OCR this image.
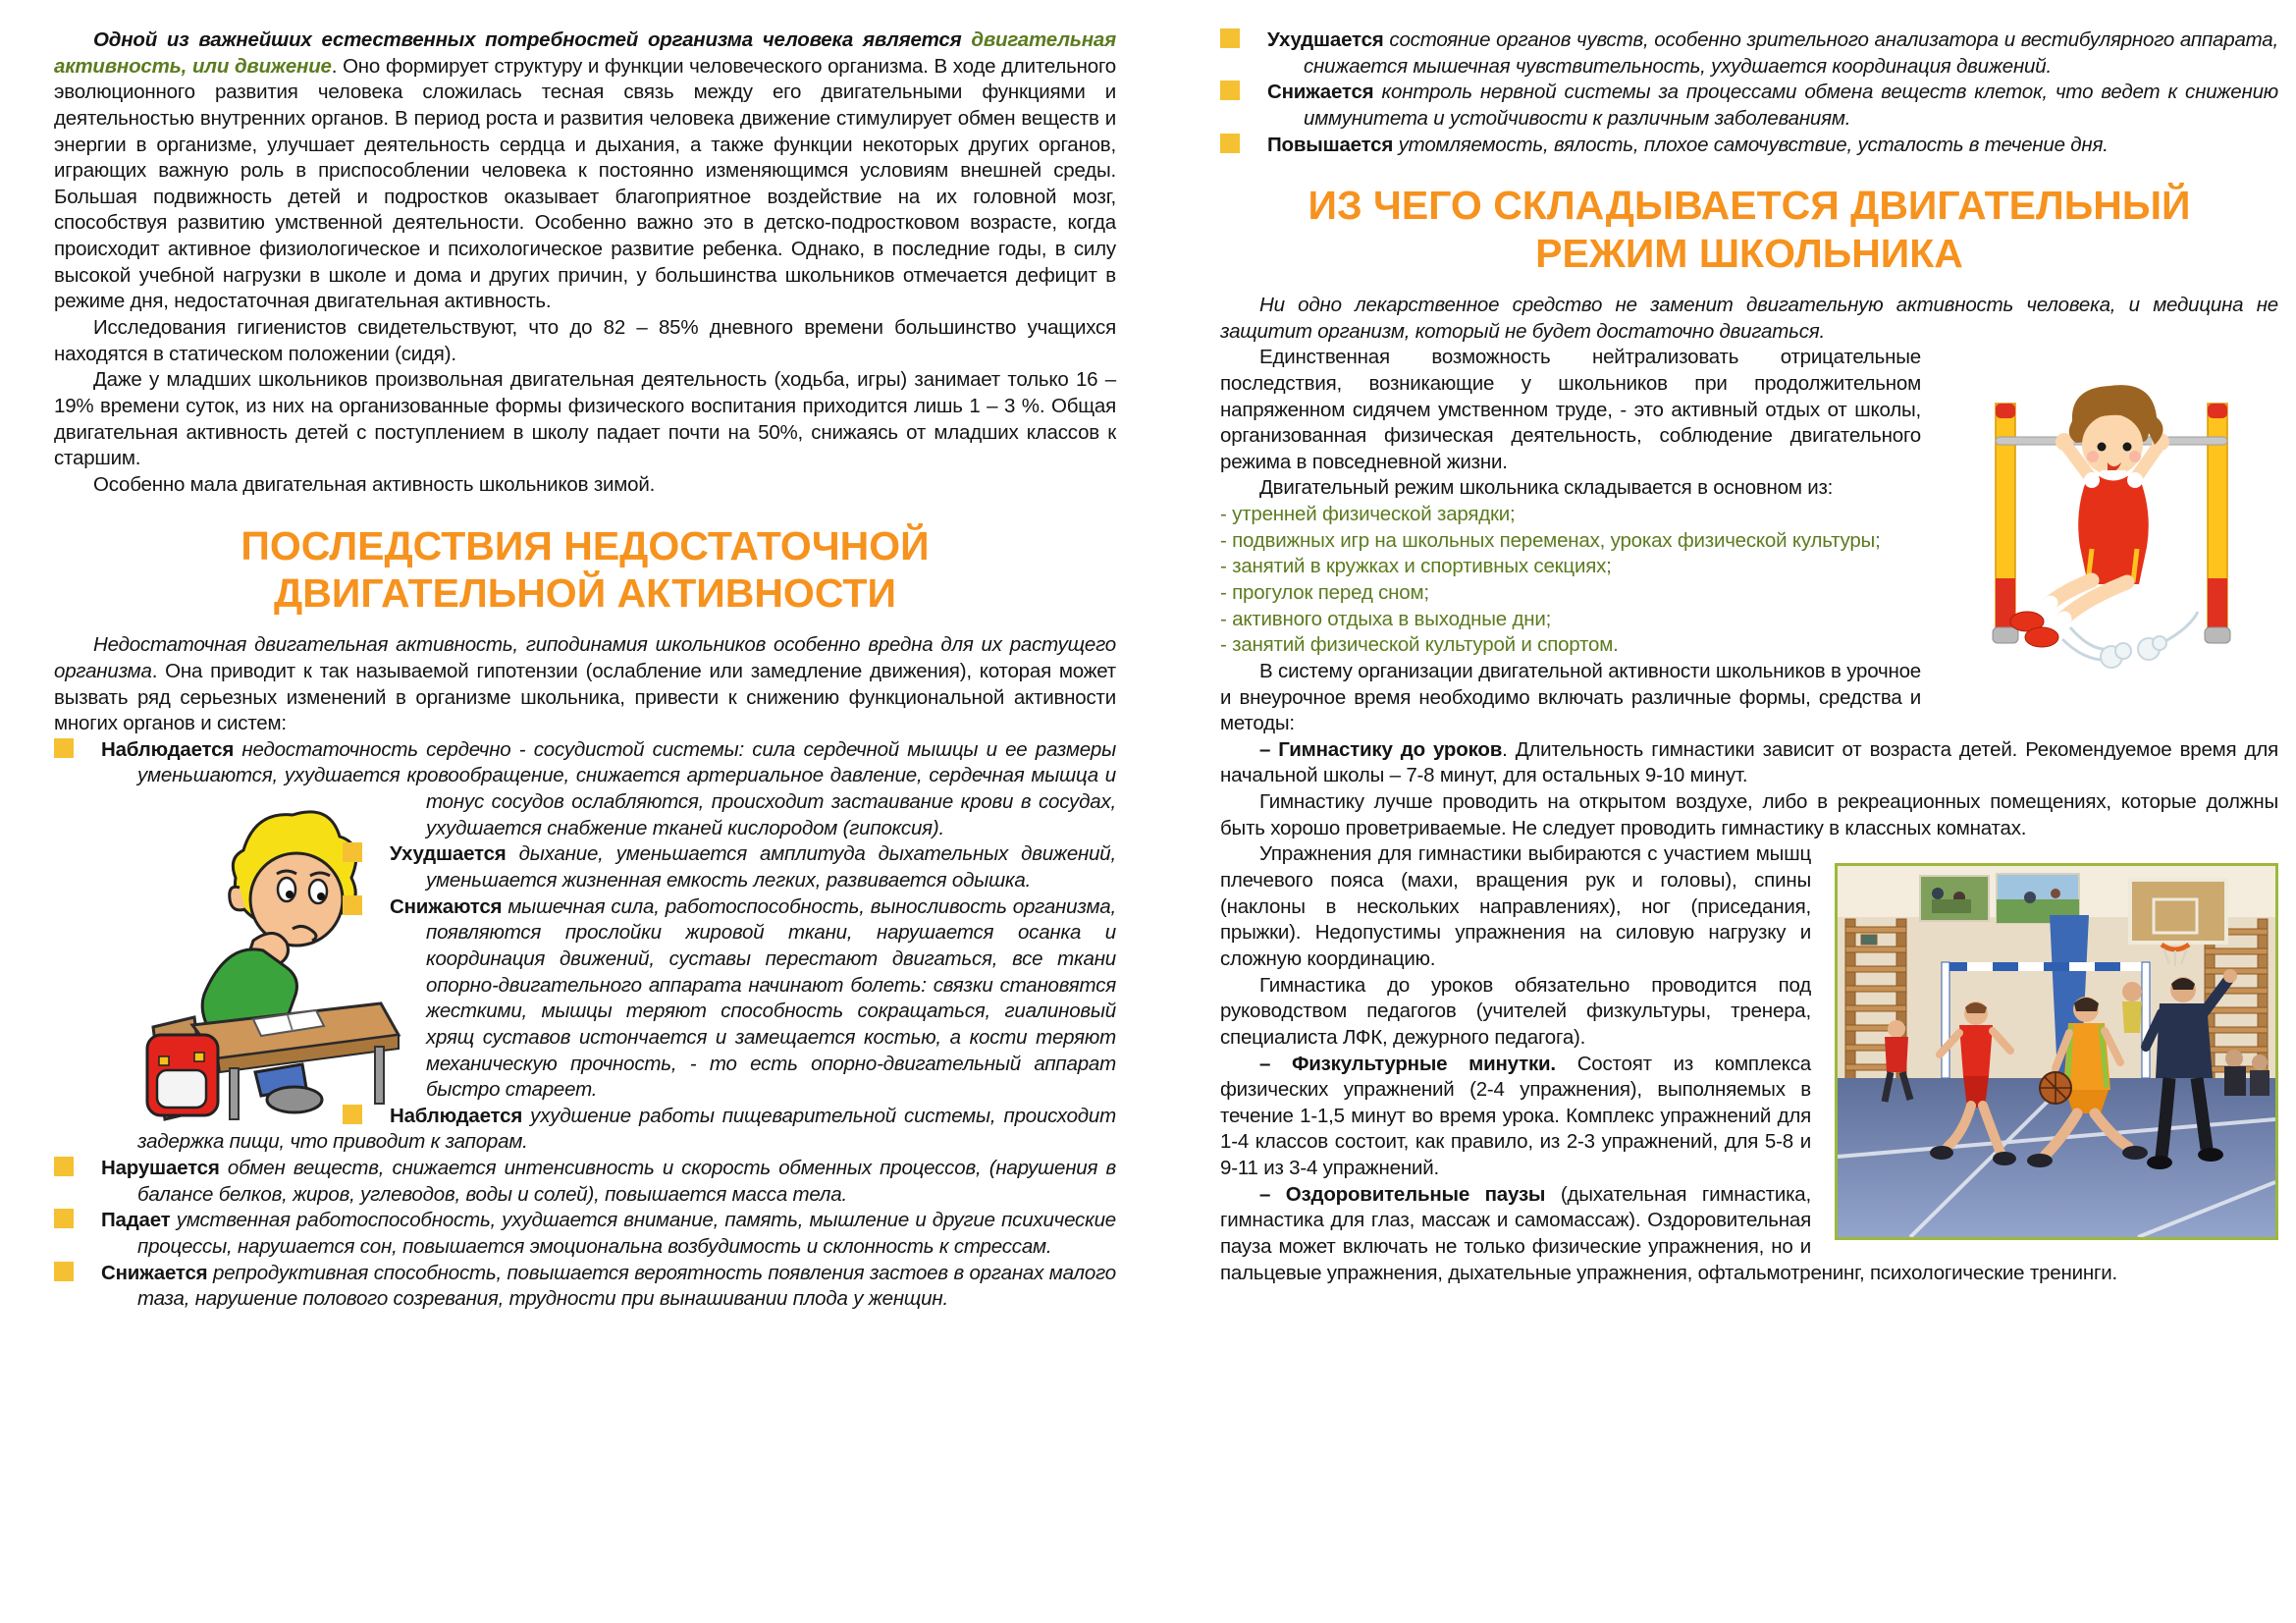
Одной из важнейших естественных потребностей организма человека является двигательная активность, или движение. Оно формирует структуру и функции человеческого организма. В ходе длительного эволюционного развития человека сложилась тесная связь между его двигательными функциями и деятельностью внутренних органов. В период роста и развития человека движение стимулирует обмен веществ и энергии в организме, улучшает деятельность сердца и дыхания, а также функции некоторых других органов, играющих важную роль в приспособлении человека к постоянно изменяющимся условиям внешней среды. Большая подвижность детей и подростков оказывает благоприятное воздействие на их головной мозг, способствуя развитию умственной деятельности. Особенно важно это в детско-подростковом возрасте, когда происходит активное физиологическое и психологическое развитие ребенка. Однако, в последние годы, в силу высокой учебной нагрузки в школе и дома и других причин, у большинства школьников отмечается дефицит в режиме дня, недостаточная двигательная активность.

Исследования гигиенистов свидетельствуют, что до 82 – 85% дневного времени большинство учащихся находятся в статическом положении (сидя).

Даже у младших школьников произвольная двигательная деятельность (ходьба, игры) занимает только 16 – 19% времени суток, из них на организованные формы физического воспитания приходится лишь 1 – 3 %. Общая двигательная активность детей с поступлением в школу падает почти на 50%, снижаясь от младших классов к старшим.

Особенно мала двигательная активность школьников зимой.

ПОСЛЕДСТВИЯ НЕДОСТАТОЧНОЙ
ДВИГАТЕЛЬНОЙ АКТИВНОСТИ

Недостаточная двигательная активность, гиподинамия школьников особенно вредна для их растущего организма. Она приводит к так называемой гипотензии (ослабление или замедление движения), которая может вызвать ряд серьезных изменений в организме школьника, привести к снижению функциональной активности многих органов и систем:

Наблюдается недостаточность сердечно - сосудистой системы: сила сердечной мышцы и ее размеры уменьшаются, ухудшается кровообращение, снижается артериальное давление, сердечная мышца и тонус сосудов ослабляются, происходит застаивание крови в сосудах,
ухудшается снабжение тканей кислородом (гипоксия).
Ухудшается дыхание, уменьшается амплитуда дыхательных движений, уменьшается жизненная емкость легких, развивается одышка.
Снижаются мышечная сила, работоспособность, выносливость организма, появляются прослойки жировой ткани, нарушается осанка и координация движений, суставы перестают двигаться, все ткани опорно-двигательного аппарата начинают болеть: связки становятся жесткими, мышцы теряют способность сокращаться, гиалиновый хрящ суставов истончается и замещается костью, а кости теряют механическую прочность, - то есть опорно-двигательный аппарат быстро стареет.
Наблюдается ухудшение работы пищеварительной системы, происходит задержка пищи, что приводит к запорам.
Нарушается обмен веществ, снижается интенсивность и скорость обменных процессов, (нарушения в балансе белков, жиров, углеводов, воды и солей), повышается масса тела.
Падает умственная работоспособность, ухудшается внимание, память, мышление и другие психические процессы, нарушается сон, повышается эмоциональна возбудимость и склонность к стрессам.
Снижается репродуктивная способность, повышается вероятность появления застоев в органах малого таза, нарушение полового созревания, трудности при вынашивании плода у женщин.
Ухудшается состояние органов чувств, особенно зрительного анализатора и вестибулярного аппарата, снижается мышечная чувствительность, ухудшается координация движений.
Снижается контроль нервной системы за процессами обмена веществ клеток, что ведет к снижению иммунитета и устойчивости к различным заболеваниям.
Повышается утомляемость, вялость, плохое самочувствие, усталость в течение дня.
ИЗ ЧЕГО СКЛАДЫВАЕТСЯ ДВИГАТЕЛЬНЫЙ
РЕЖИМ ШКОЛЬНИКА

Ни одно лекарственное средство не заменит двигательную активность человека, и медицина не защитит организм, который не будет достаточно двигаться.

Единственная возможность нейтрализовать отрицательные последствия, возникающие у школьников при продолжительном напряженном сидячем умственном труде, - это активный отдых от школы, организованная физическая деятельность, соблюдение двигательного режима в повседневной жизни.

Двигательный режим школьника складывается в основном из:

- утренней физической зарядки;

- подвижных игр на школьных переменах, уроках физической культуры;

- занятий в кружках и спортивных секциях;

- прогулок перед сном;

- активного отдыха в выходные дни;

- занятий физической культурой и спортом.

В систему организации двигательной активности школьников в урочное и внеурочное время необходимо включать различные формы, средства и методы:

– Гимнастику до уроков. Длительность гимнастики зависит от возраста детей. Рекомендуемое время для начальной школы – 7-8 минут, для остальных 9-10 минут.

Гимнастику лучше проводить на открытом воздухе, либо в рекреационных помещениях, которые должны быть хорошо проветриваемые. Не следует проводить гимнастику в классных комнатах.

Упражнения для гимнастики выбираются с участием мышц плечевого пояса (махи, вращения рук и головы), спины (наклоны в нескольких направлениях), ног (приседания, прыжки). Недопустимы упражнения на силовую нагрузку и сложную координацию.

Гимнастика до уроков обязательно проводится под руководством педагогов (учителей физкультуры, тренера, специалиста ЛФК, дежурного педагога).

– Физкультурные минутки. Состоят из комплекса физических упражнений (2-4 упражнения), выполняемых в течение 1-1,5 минут во время урока. Комплекс упражнений для 1-4 классов состоит, как правило, из 2-3 упражнений, для 5-8 и 9-11 из 3-4 упражнений.

– Оздоровительные паузы (дыхательная гимнастика, гимнастика для глаз, массаж и самомассаж). Оздоровительная пауза может включать не только физические упражнения, но и пальцевые упражнения, дыхательные упражнения, офтальмотренинг, психологические тренинги.
